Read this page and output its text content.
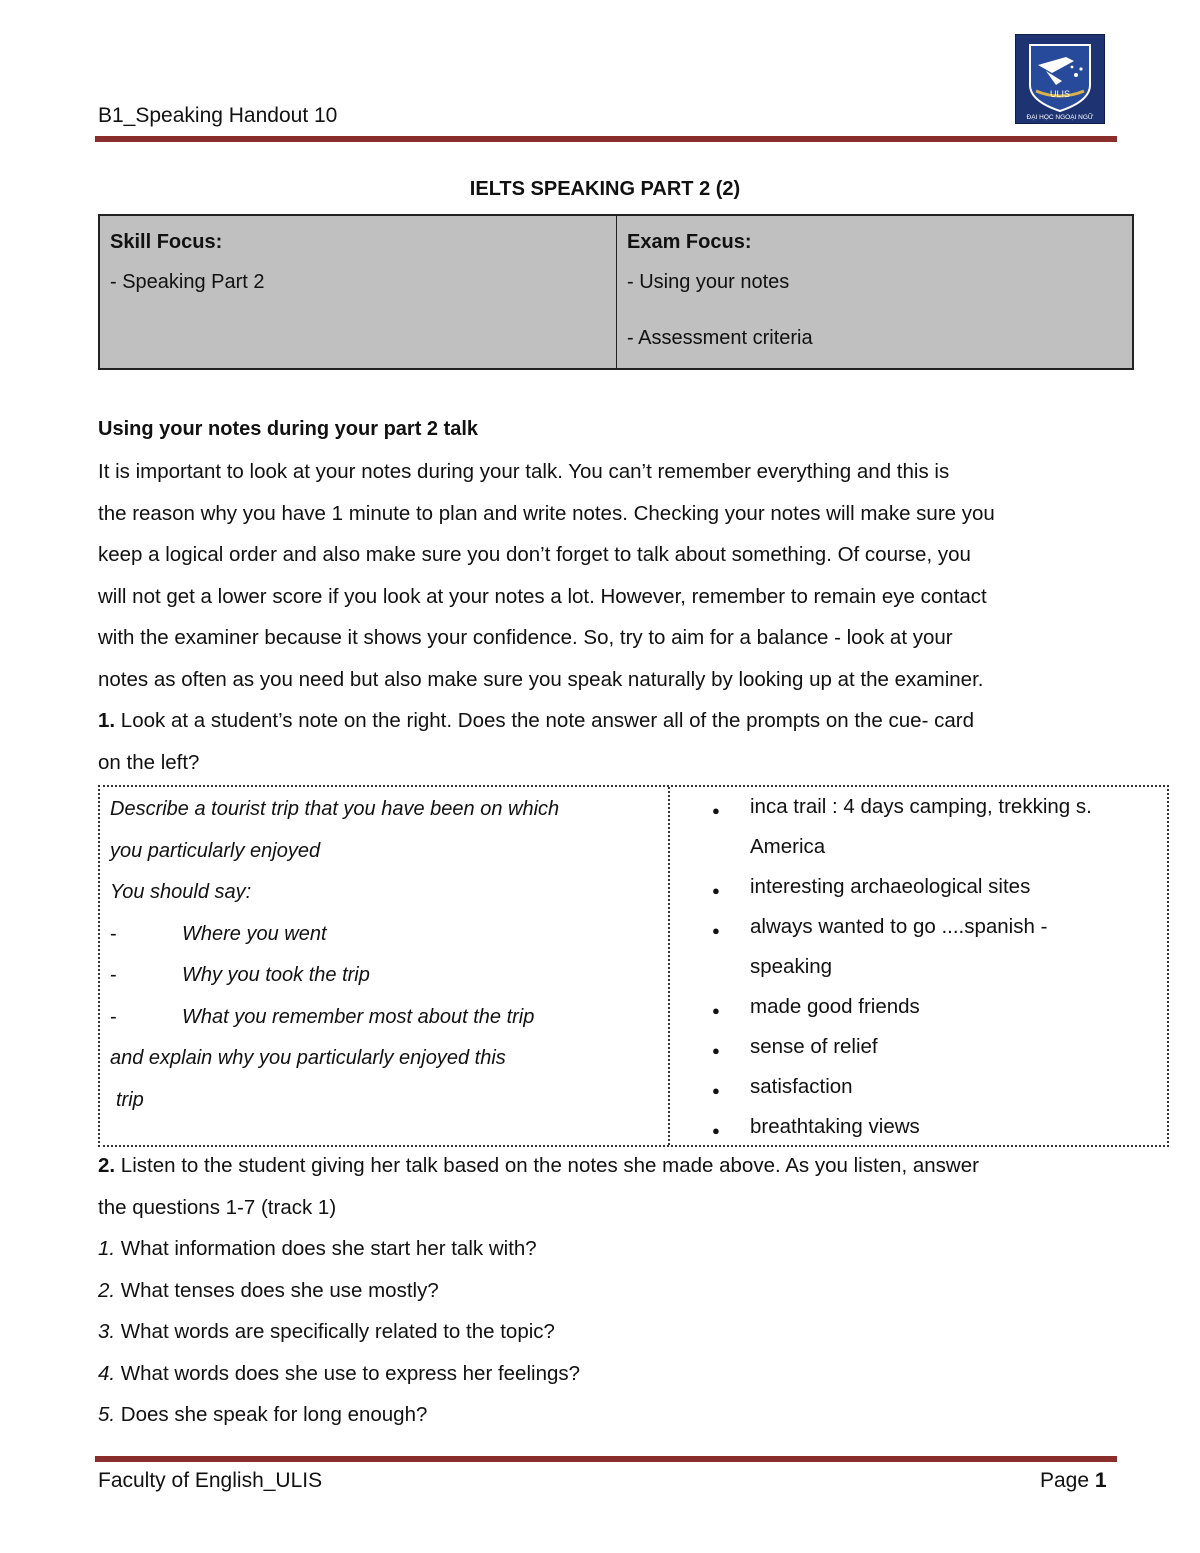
B1_Speaking Handout 10
ULIS
ĐẠI HỌC NGOẠI NGỮ
IELTS SPEAKING PART 2 (2)
Skill Focus:
- Speaking Part 2
Exam Focus:
- Using your notes
- Assessment criteria
Using your notes during your part 2 talk
It is important to look at your notes during your talk. You can’t remember everything and this is
the reason why you have 1 minute to plan and write notes. Checking your notes will make sure you
keep a logical order and also make sure you don’t forget to talk about something. Of course, you
will not get a lower score if you look at your notes a lot. However, remember to remain eye contact
with the examiner because it shows your confidence. So, try to aim for a balance - look at your
notes as often as you need but also make sure you speak naturally by looking up at the examiner.
1. Look at a student’s note on the right. Does the note answer all of the prompts on the cue- card
on the left?
Describe a tourist trip that you have been on which
you particularly enjoyed
You should say:
-	Where you went
-	Why you took the trip
-	What you remember most about the trip
and explain why you particularly enjoyed this
trip
● inca trail : 4 days camping, trekking s.
America
● interesting archaeological sites
● always wanted to go ....spanish -
speaking
● made good friends
● sense of relief
● satisfaction
● breathtaking views
2. Listen to the student giving her talk based on the notes she made above. As you listen, answer
the questions 1-7 (track 1)
1. What information does she start her talk with?
2. What tenses does she use mostly?
3. What words are specifically related to the topic?
4. What words does she use to express her feelings?
5. Does she speak for long enough?
Faculty of English_ULIS	Page 1
